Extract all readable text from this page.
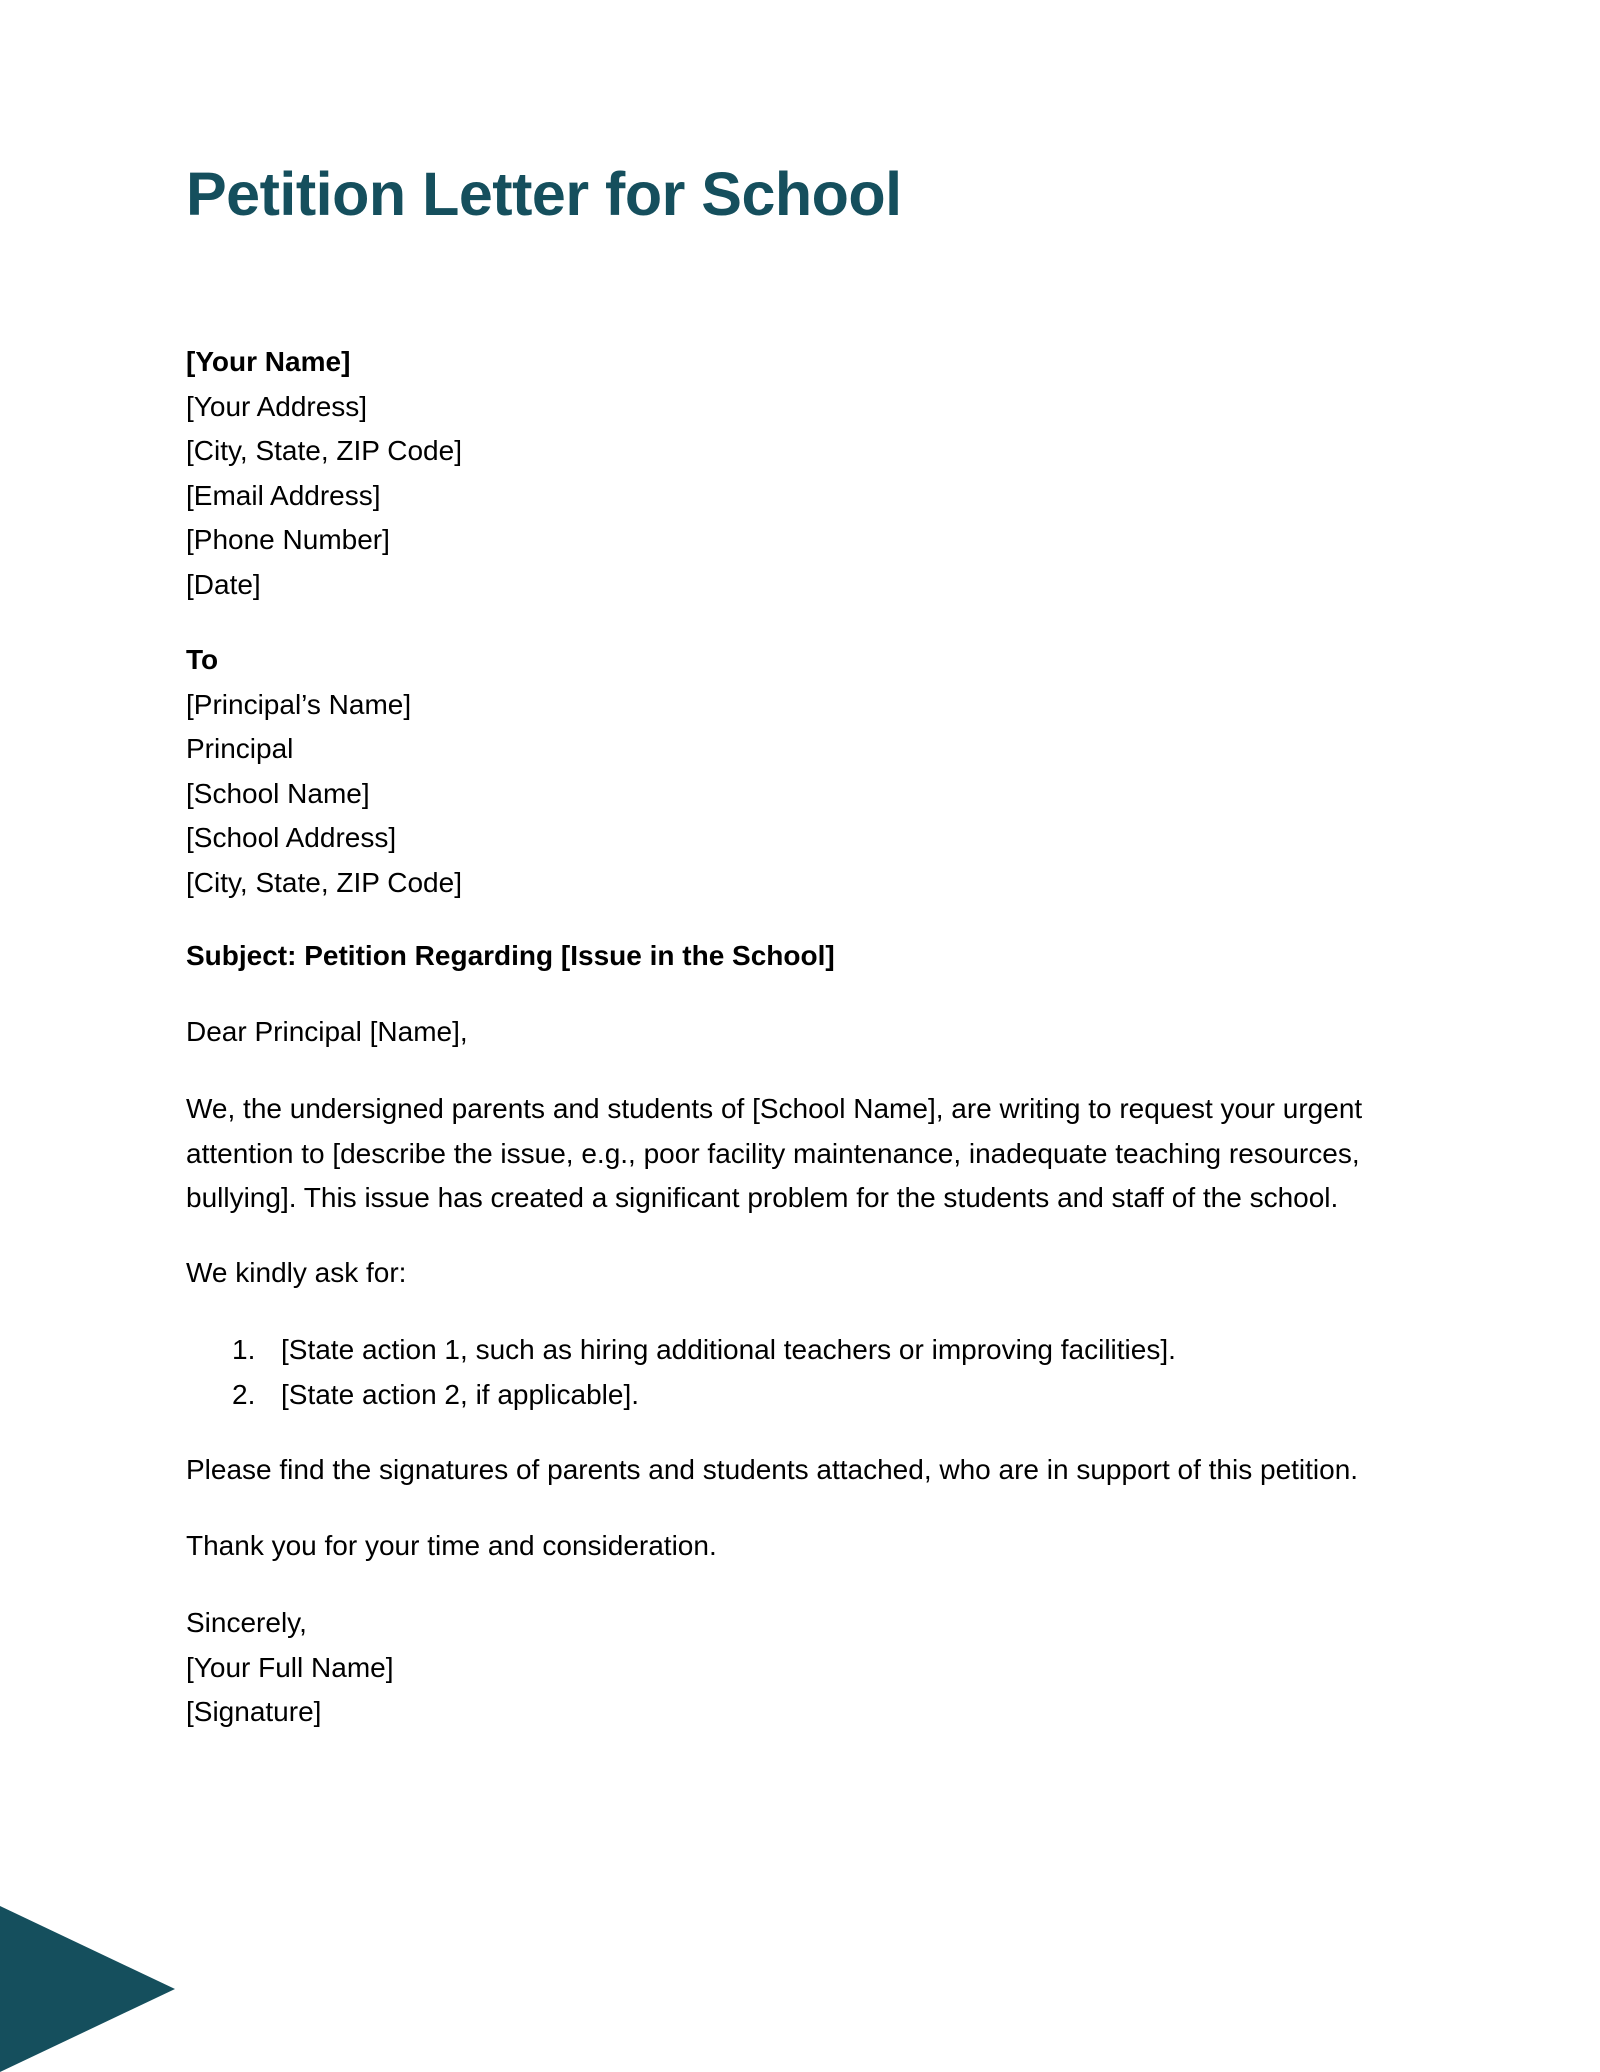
Petition Letter for School
[Your Name]
[Your Address]
[City, State, ZIP Code]
[Email Address]
[Phone Number]
[Date]
To
[Principal’s Name]
Principal
[School Name]
[School Address]
[City, State, ZIP Code]
Subject: Petition Regarding [Issue in the School]
Dear Principal [Name],
We, the undersigned parents and students of [School Name], are writing to request your urgent attention to [describe the issue, e.g., poor facility maintenance, inadequate teaching resources, bullying]. This issue has created a significant problem for the students and staff of the school.
We kindly ask for:
1. [State action 1, such as hiring additional teachers or improving facilities].
2. [State action 2, if applicable].
Please find the signatures of parents and students attached, who are in support of this petition.
Thank you for your time and consideration.
Sincerely,
[Your Full Name]
[Signature]
